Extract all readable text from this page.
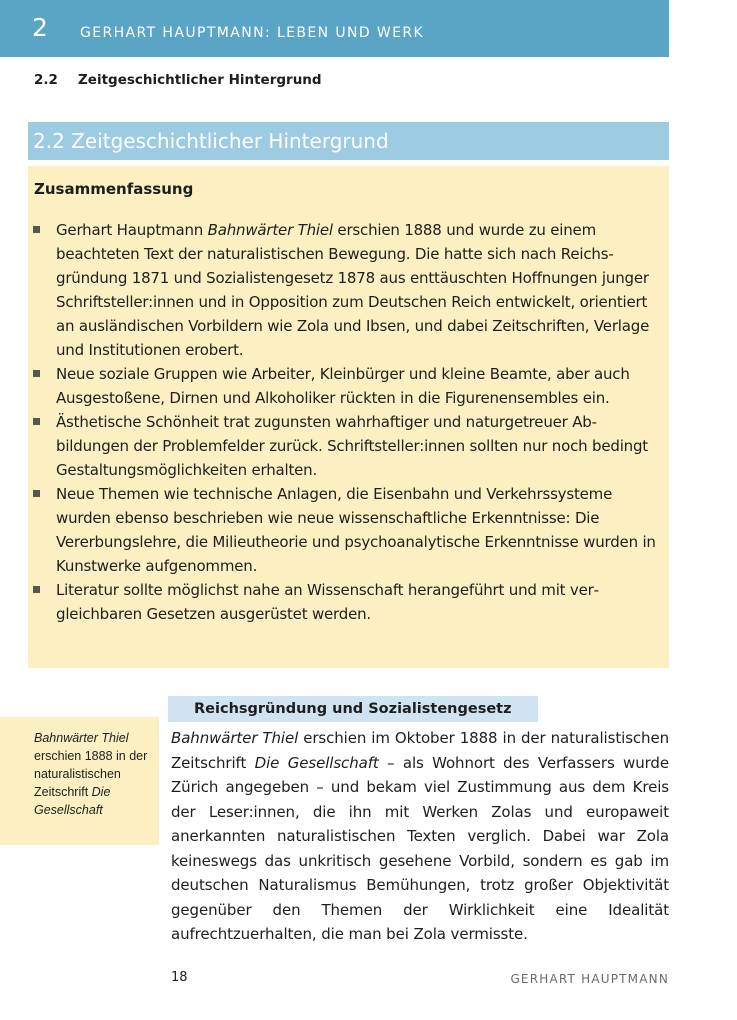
2 GERHART HAUPTMANN: LEBEN UND WERK
2.2 Zeitgeschichtlicher Hintergrund
2.2 Zeitgeschichtlicher Hintergrund
Zusammenfassung
Gerhart Hauptmann Bahnwärter Thiel erschien 1888 und wurde zu einem beachteten Text der naturalistischen Bewegung. Die hatte sich nach Reichsgründung 1871 und Sozialistengesetz 1878 aus enttäuschten Hoffnungen junger Schriftsteller:innen und in Opposition zum Deutschen Reich entwickelt, orientiert an ausländischen Vorbildern wie Zola und Ibsen, und dabei Zeitschriften, Verlage und Institutionen erobert.
Neue soziale Gruppen wie Arbeiter, Kleinbürger und kleine Beamte, aber auch Ausgestoßene, Dirnen und Alkoholiker rückten in die Figurenensembles ein.
Ästhetische Schönheit trat zugunsten wahrhaftiger und naturgetreuer Abbildungen der Problemfelder zurück. Schriftsteller:innen sollten nur noch bedingt Gestaltungsmöglichkeiten erhalten.
Neue Themen wie technische Anlagen, die Eisenbahn und Verkehrssysteme wurden ebenso beschrieben wie neue wissenschaftliche Erkenntnisse: Die Vererbungslehre, die Milieutheorie und psychoanalytische Erkenntnisse wurden in Kunstwerke aufgenommen.
Literatur sollte möglichst nahe an Wissenschaft herangeführt und mit vergleichbaren Gesetzen ausgerüstet werden.
Bahnwärter Thiel erschien 1888 in der naturalistischen Zeitschrift Die Gesellschaft
Reichsgründung und Sozialistengesetz
Bahnwärter Thiel erschien im Oktober 1888 in der naturalistischen Zeitschrift Die Gesellschaft – als Wohnort des Verfassers wurde Zürich angegeben – und bekam viel Zustimmung aus dem Kreis der Leser:innen, die ihn mit Werken Zolas und europaweit anerkannten naturalistischen Texten verglich. Dabei war Zola keineswegs das unkritisch gesehene Vorbild, sondern es gab im deutschen Naturalismus Bemühungen, trotz großer Objektivität gegenüber den Themen der Wirklichkeit eine Idealität aufrechtzuerhalten, die man bei Zola vermisste.
18	GERHART HAUPTMANN
